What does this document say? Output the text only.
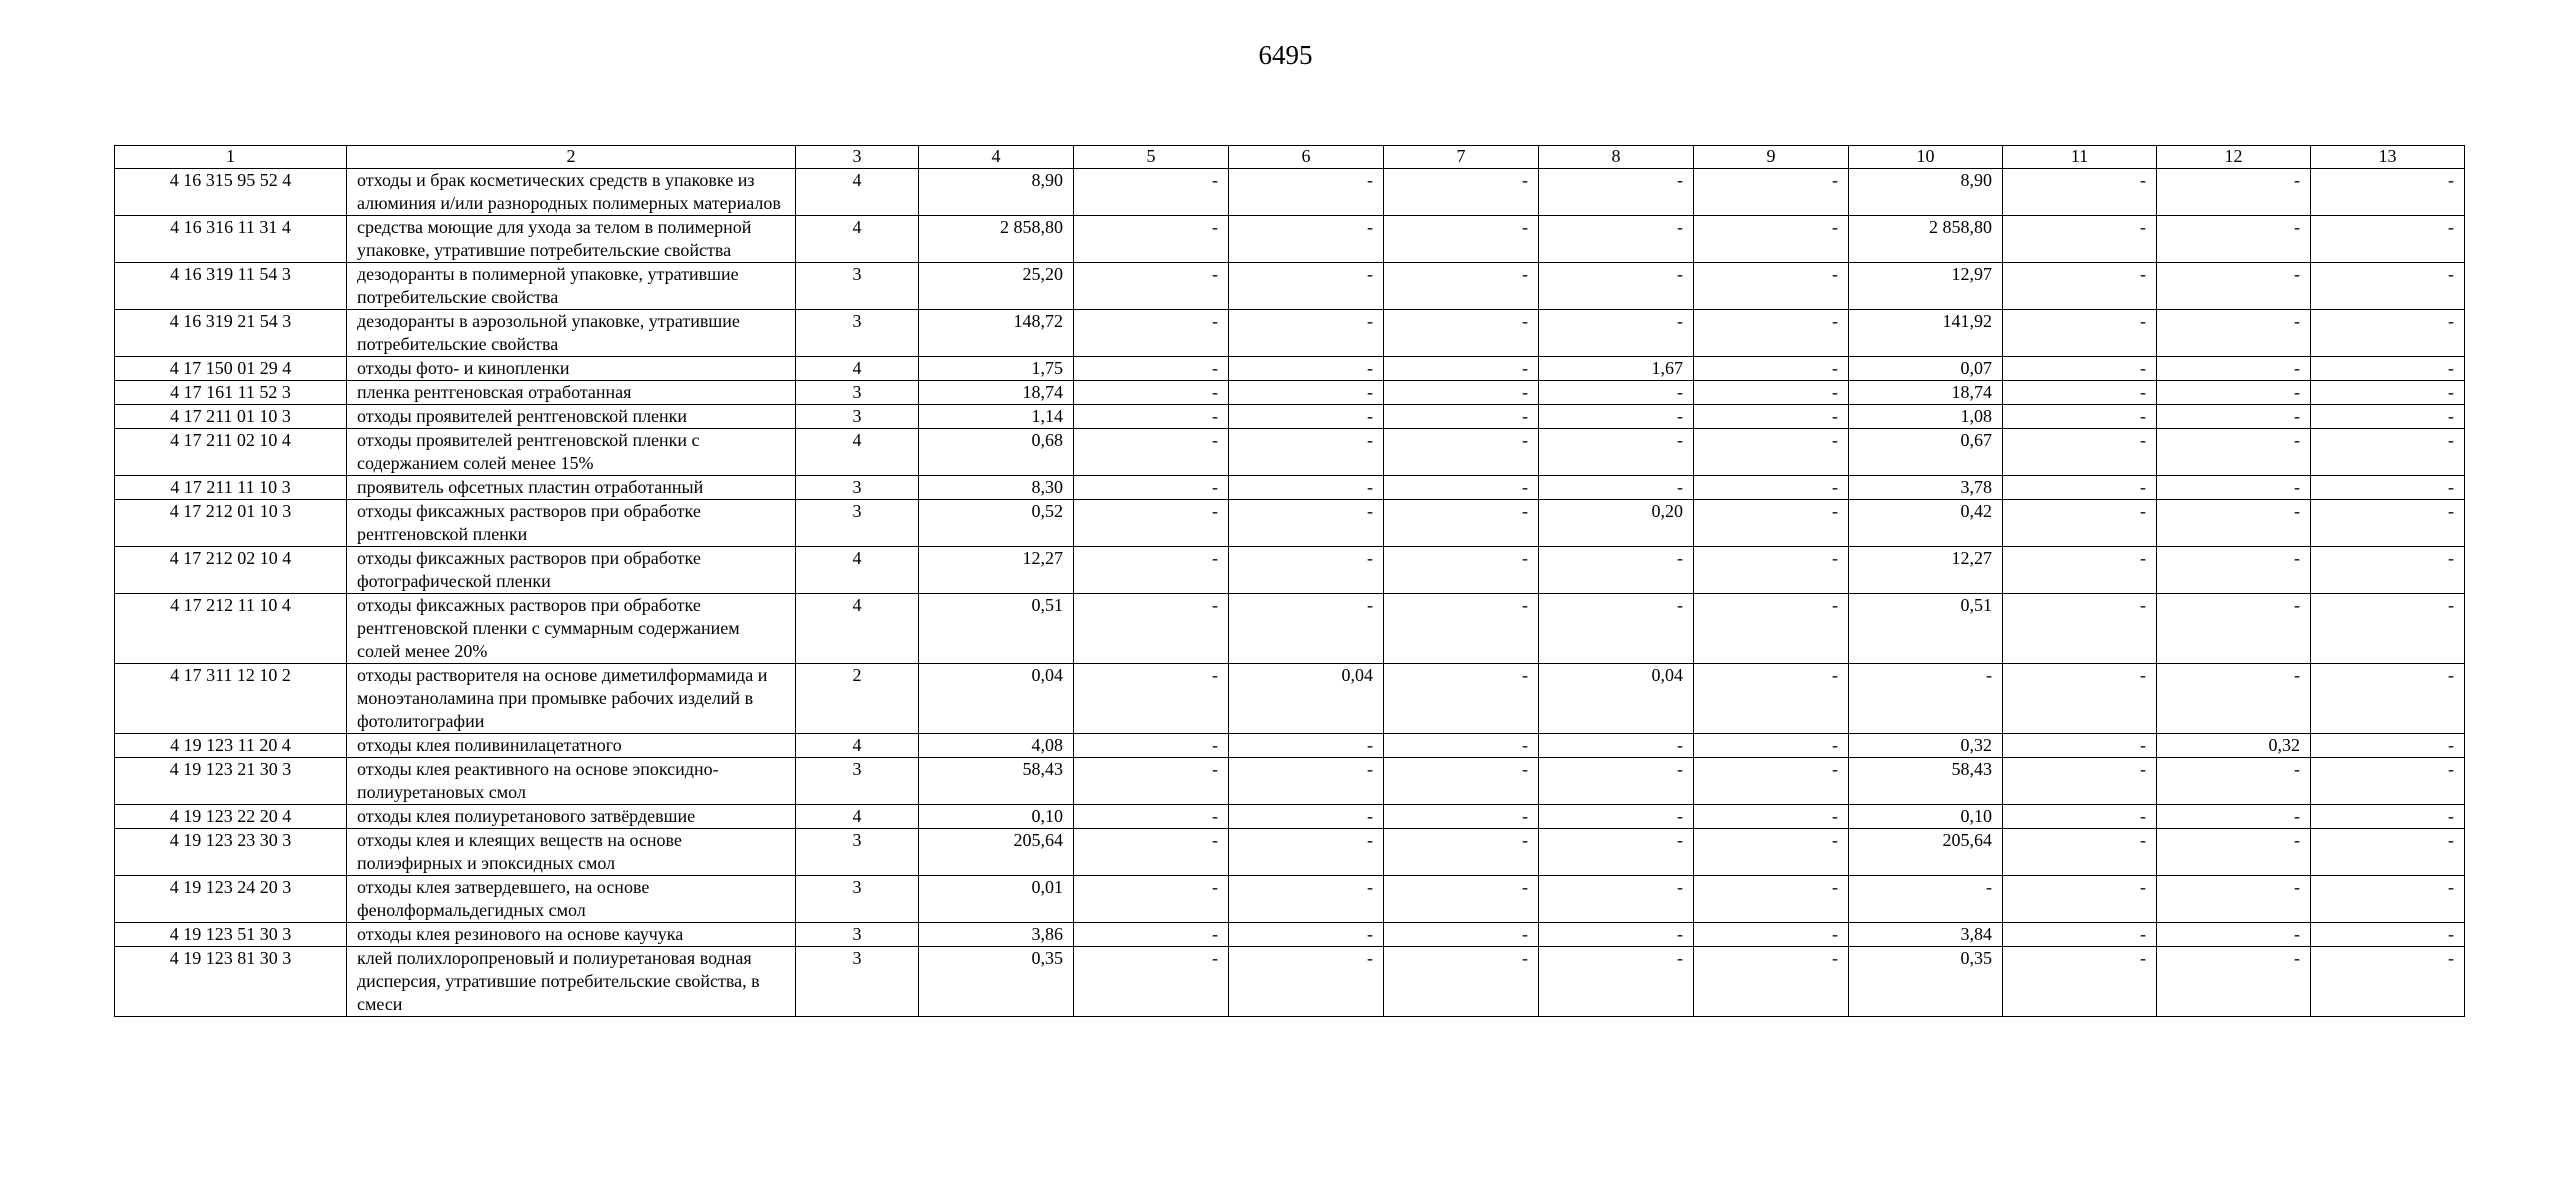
6495
1	2	3	4	5	6	7	8	9	10	11	12	13
4 16 315 95 52 4	отходы и брак косметических средств в упаковке из алюминия и/или разнородных полимерных материалов	4	8,90	-	-	-	-	-	8,90	-	-	-
4 16 316 11 31 4	средства моющие для ухода за телом в полимерной упаковке, утратившие потребительские свойства	4	2 858,80	-	-	-	-	-	2 858,80	-	-	-
4 16 319 11 54 3	дезодоранты в полимерной упаковке, утратившие потребительские свойства	3	25,20	-	-	-	-	-	12,97	-	-	-
4 16 319 21 54 3	дезодоранты в аэрозольной упаковке, утратившие потребительские свойства	3	148,72	-	-	-	-	-	141,92	-	-	-
4 17 150 01 29 4	отходы фото- и кинопленки	4	1,75	-	-	-	1,67	-	0,07	-	-	-
4 17 161 11 52 3	пленка рентгеновская отработанная	3	18,74	-	-	-	-	-	18,74	-	-	-
4 17 211 01 10 3	отходы проявителей рентгеновской пленки	3	1,14	-	-	-	-	-	1,08	-	-	-
4 17 211 02 10 4	отходы проявителей рентгеновской пленки с содержанием солей менее 15%	4	0,68	-	-	-	-	-	0,67	-	-	-
4 17 211 11 10 3	проявитель офсетных пластин отработанный	3	8,30	-	-	-	-	-	3,78	-	-	-
4 17 212 01 10 3	отходы фиксажных растворов при обработке рентгеновской пленки	3	0,52	-	-	-	0,20	-	0,42	-	-	-
4 17 212 02 10 4	отходы фиксажных растворов при обработке фотографической пленки	4	12,27	-	-	-	-	-	12,27	-	-	-
4 17 212 11 10 4	отходы фиксажных растворов при обработке рентгеновской пленки с суммарным содержанием солей менее 20%	4	0,51	-	-	-	-	-	0,51	-	-	-
4 17 311 12 10 2	отходы растворителя на основе диметилформамида и моноэтаноламина при промывке рабочих изделий в фотолитографии	2	0,04	-	0,04	-	0,04	-	-	-	-	-
4 19 123 11 20 4	отходы клея поливинилацетатного	4	4,08	-	-	-	-	-	0,32	-	0,32	-
4 19 123 21 30 3	отходы клея реактивного на основе эпоксидно-полиуретановых смол	3	58,43	-	-	-	-	-	58,43	-	-	-
4 19 123 22 20 4	отходы клея полиуретанового затвёрдевшие	4	0,10	-	-	-	-	-	0,10	-	-	-
4 19 123 23 30 3	отходы клея и клеящих веществ на основе полиэфирных и эпоксидных смол	3	205,64	-	-	-	-	-	205,64	-	-	-
4 19 123 24 20 3	отходы клея затвердевшего, на основе фенолформальдегидных смол	3	0,01	-	-	-	-	-	-	-	-	-
4 19 123 51 30 3	отходы клея резинового на основе каучука	3	3,86	-	-	-	-	-	3,84	-	-	-
4 19 123 81 30 3	клей полихлоропреновый и полиуретановая водная дисперсия, утратившие потребительские свойства, в смеси	3	0,35	-	-	-	-	-	0,35	-	-	-
